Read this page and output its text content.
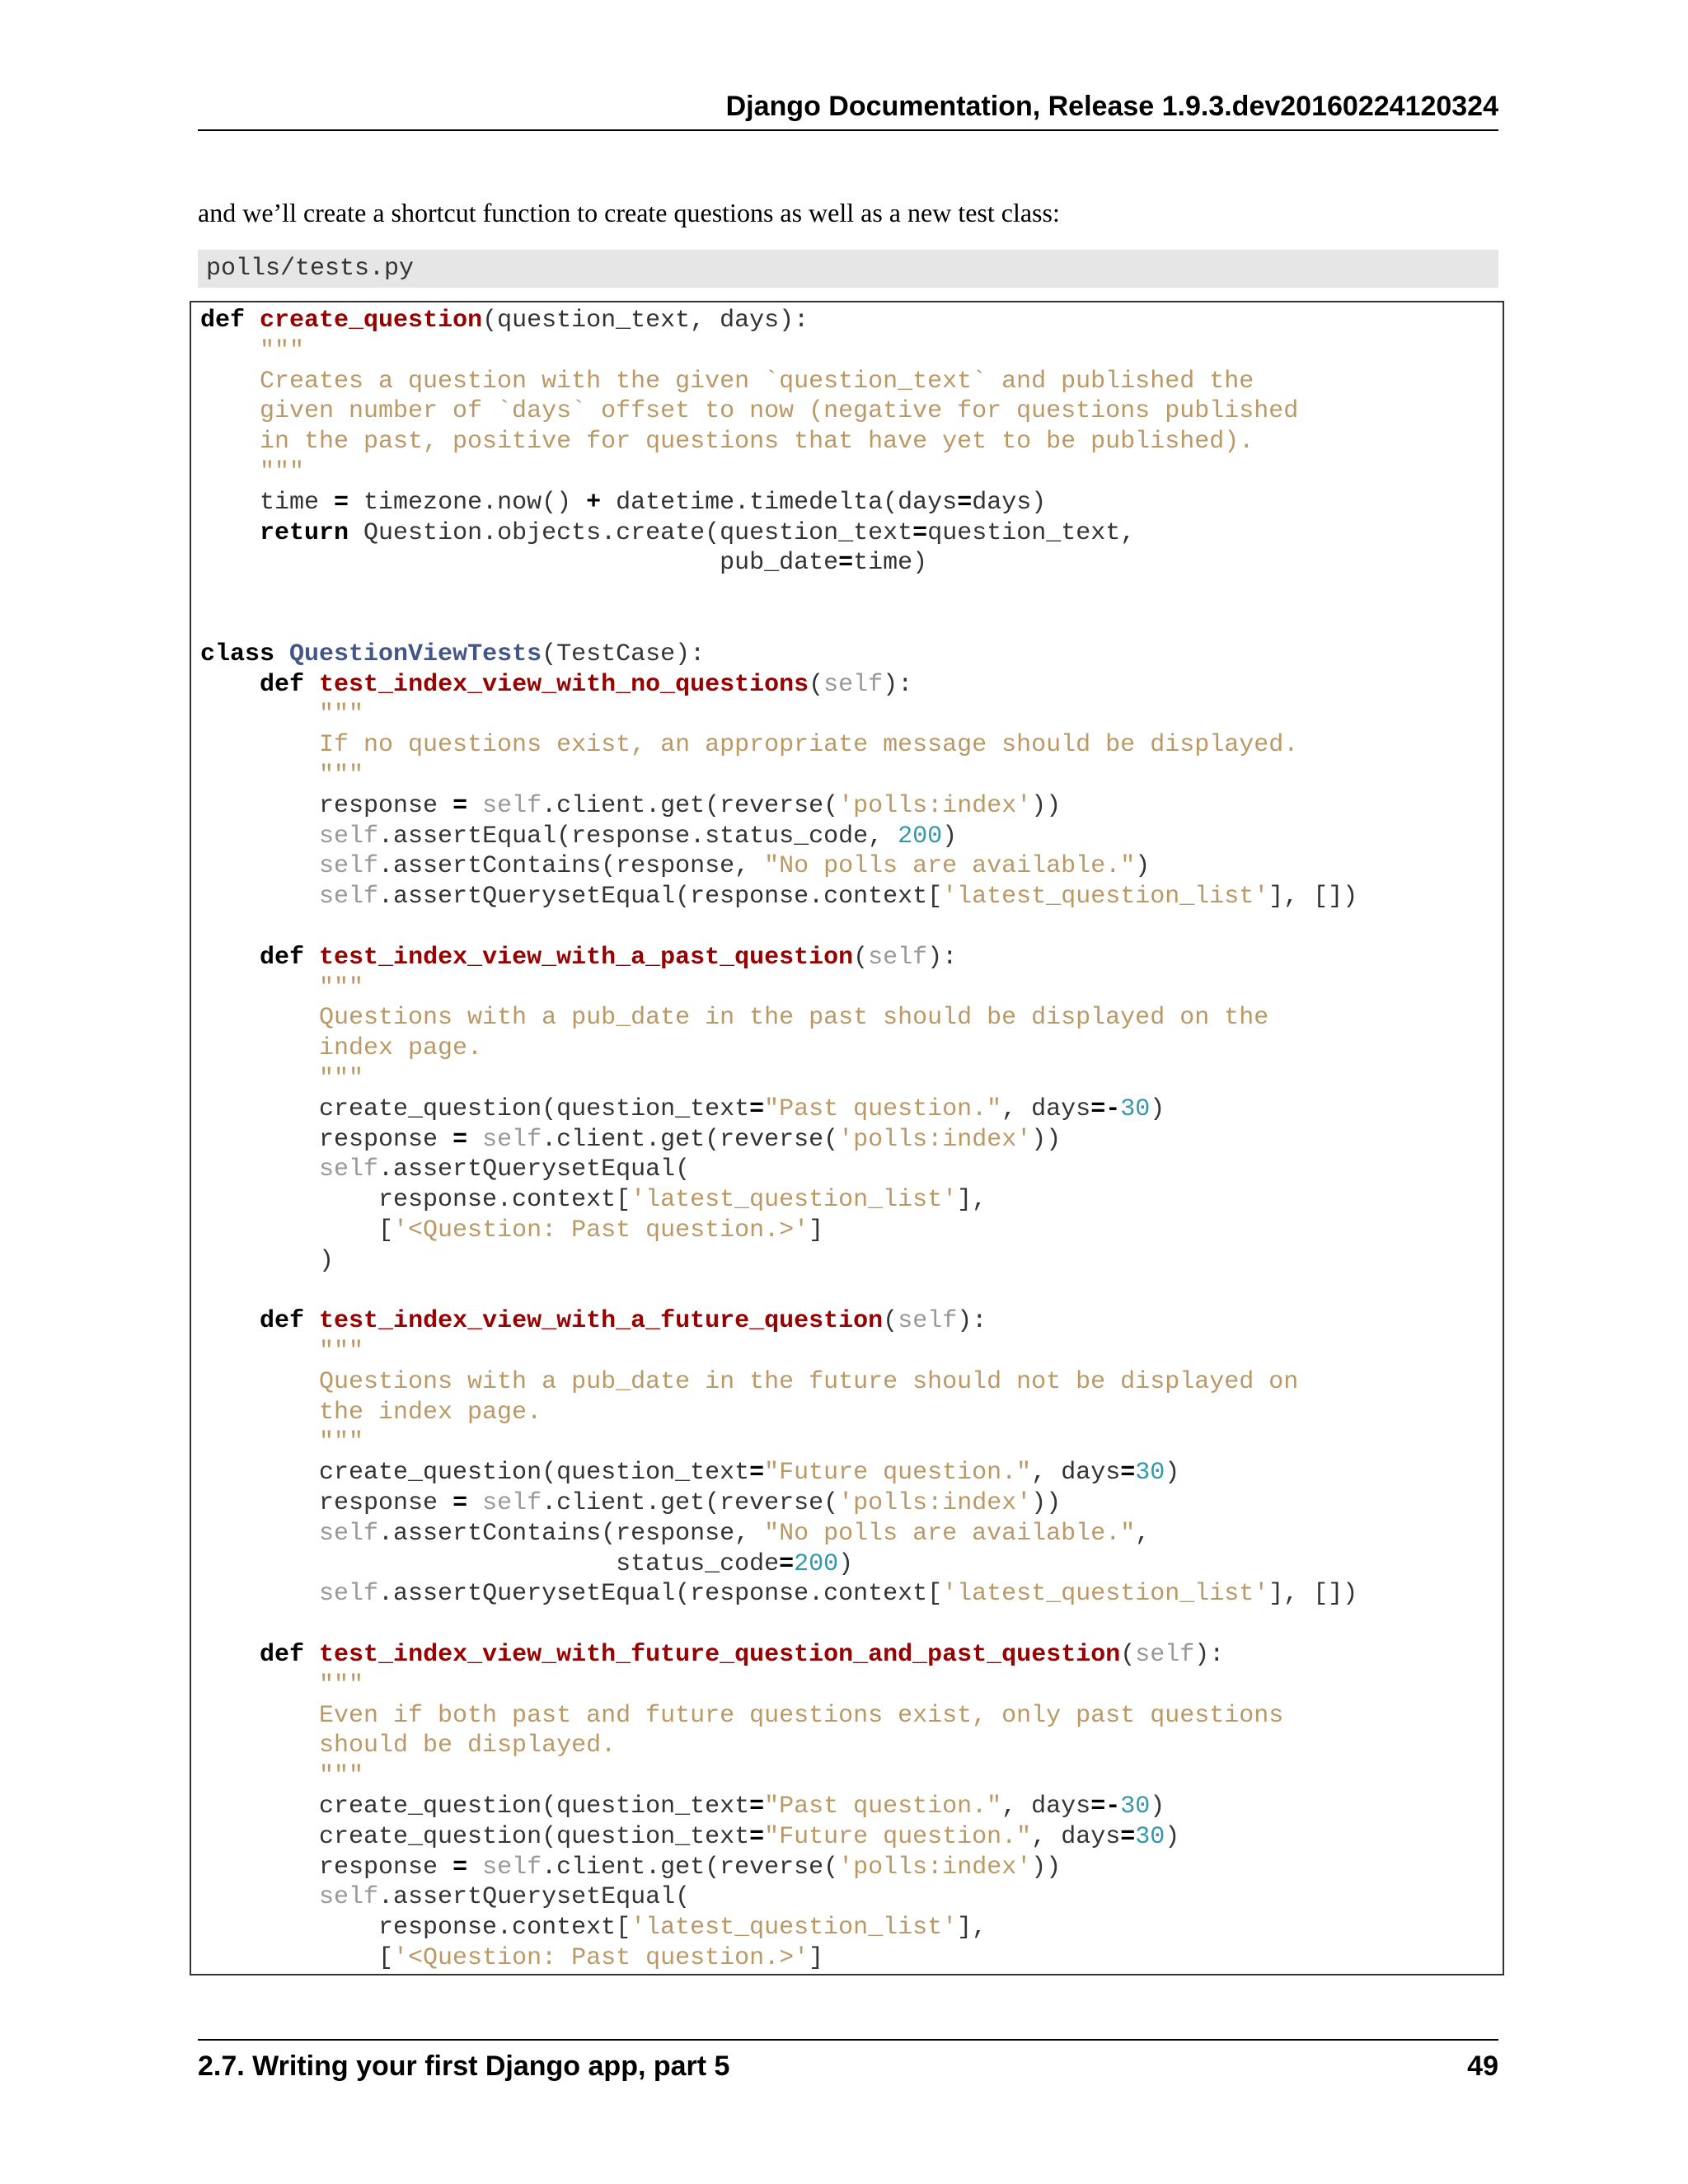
Django Documentation, Release 1.9.3.dev20160224120324

and we’ll create a shortcut function to create questions as well as a new test class:

polls/tests.py
def create_question(question_text, days):
"""
Creates a question with the given `question_text` and published the
given number of `days` offset to now (negative for questions published
in the past, positive for questions that have yet to be published).
"""
time = timezone.now() + datetime.timedelta(days=days)
return Question.objects.create(question_text=question_text,
pub_date=time)
class QuestionViewTests(TestCase):
def test_index_view_with_no_questions(self):
"""
If no questions exist, an appropriate message should be displayed.
"""
response = self.client.get(reverse('polls:index'))
self.assertEqual(response.status_code, 200)
self.assertContains(response, "No polls are available.")
self.assertQuerysetEqual(response.context['latest_question_list'], [])
def test_index_view_with_a_past_question(self):
"""
Questions with a pub_date in the past should be displayed on the
index page.
"""
create_question(question_text="Past question.", days=-30)
response = self.client.get(reverse('polls:index'))
self.assertQuerysetEqual(
response.context['latest_question_list'],
['<Question: Past question.>']
)
def test_index_view_with_a_future_question(self):
"""
Questions with a pub_date in the future should not be displayed on
the index page.
"""
create_question(question_text="Future question.", days=30)
response = self.client.get(reverse('polls:index'))
self.assertContains(response, "No polls are available.",
status_code=200)
self.assertQuerysetEqual(response.context['latest_question_list'], [])
def test_index_view_with_future_question_and_past_question(self):
"""
Even if both past and future questions exist, only past questions
should be displayed.
"""
create_question(question_text="Past question.", days=-30)
create_question(question_text="Future question.", days=30)
response = self.client.get(reverse('polls:index'))
self.assertQuerysetEqual(
response.context['latest_question_list'],
['<Question: Past question.>']
2.7. Writing your first Django app, part 5	49
